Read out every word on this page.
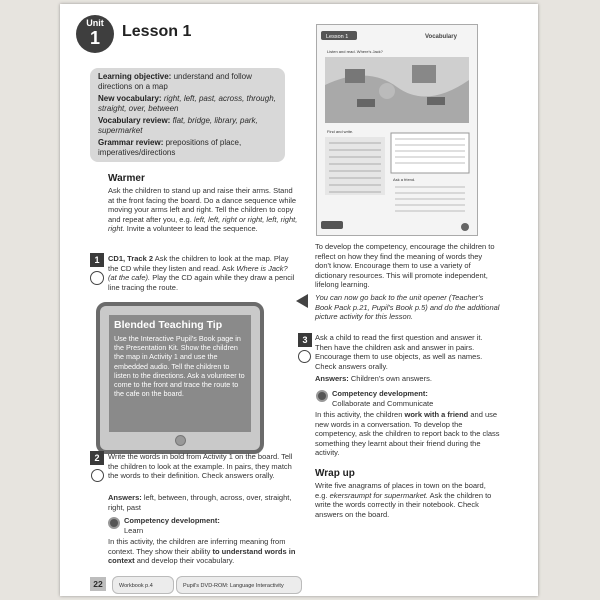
Unit
1	Lesson 1

Learning objective: understand and follow directions on a map

New vocabulary: right, left, past, across, through, straight, over, between

Vocabulary review: flat, bridge, library, park, supermarket

Grammar review: prepositions of place, imperatives/directions

Warmer
Ask the children to stand up and raise their arms. Stand at the front facing the board. Do a dance sequence while moving your arms left and right. Tell the children to copy and repeat after you, e.g. left, left, right or right, left, right, right. Invite a volunteer to lead the sequence.
1	CD1, Track 2 Ask the children to look at the map. Play the CD while they listen and read. Ask Where is Jack? (at the cafe). Play the CD again while they draw a pencil line tracing the route.
Blended Teaching Tip
Use the Interactive Pupil's Book page in the Presentation Kit. Show the children the map in Activity 1 and use the embedded audio. Tell the children to listen to the directions. Ask a volunteer to come to the front and trace the route to the cafe on the board.
2	Write the words in bold from Activity 1 on the board. Tell the children to look at the example. In pairs, they match the words to their definition. Check answers orally.
Answers: left, between, through, across, over, straight, right, past
Competency development:
Learn
In this activity, the children are inferring meaning from context. They show their ability to understand words in context and develop their vocabulary.
22	Workbook p.4	Pupil's DVD-ROM: Language Interactivity
Lesson 1	Vocabulary
Listen and read. Where's Jack?
Find and write.
Ask a friend.
To develop the competency, encourage the children to reflect on how they find the meaning of words they don't know. Encourage them to use a variety of dictionary resources. This will promote independent, lifelong learning.
You can now go back to the unit opener (Teacher's Book Pack p.21, Pupil's Book p.5) and do the additional picture activity for this lesson.
3	Ask a child to read the first question and answer it. Then have the children ask and answer in pairs. Encourage them to use objects, as well as names. Check answers orally.
Answers: Children's own answers.
Competency development:
Collaborate and Communicate
In this activity, the children work with a friend and use new words in a conversation. To develop the competency, ask the children to report back to the class something they learnt about their friend during the activity.
Wrap up
Write five anagrams of places in town on the board, e.g. ekersraumpt for supermarket. Ask the children to write the words correctly in their notebook. Check answers on the board.
